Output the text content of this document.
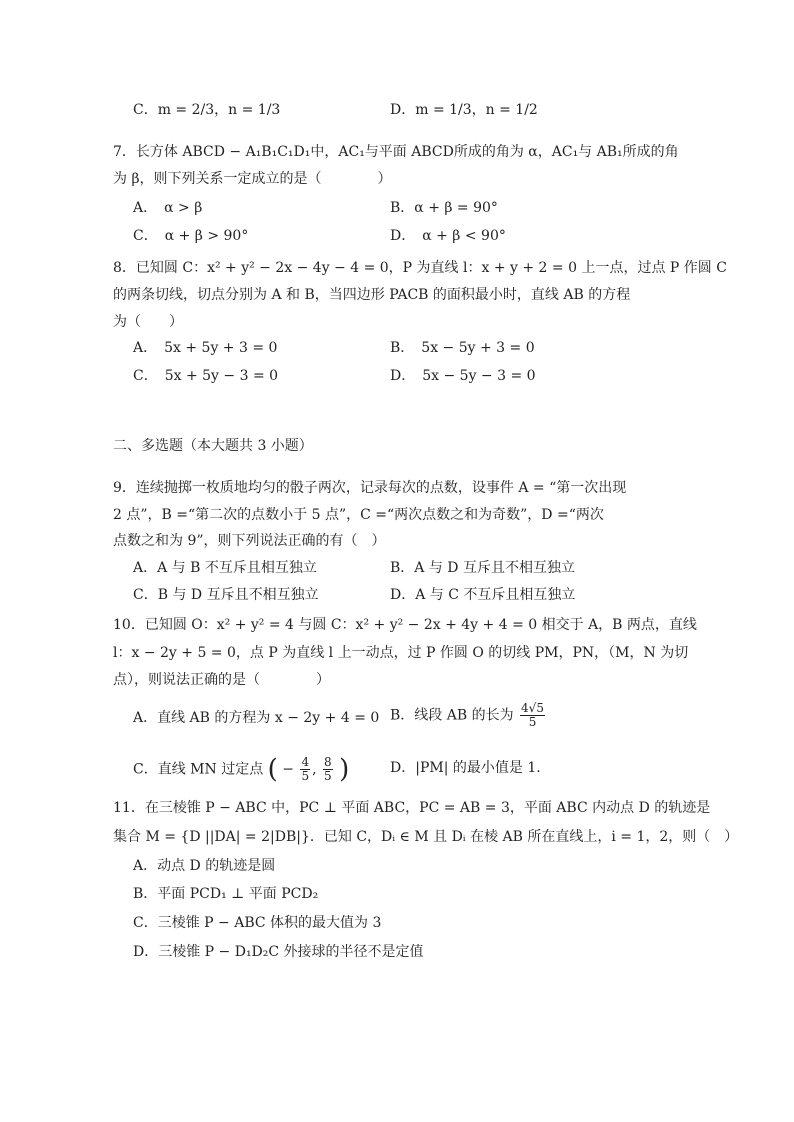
C．m = 2/3，n = 1/3	D．m = 1/3，n = 1/2
7．长方体 ABCD − A₁B₁C₁D₁中，AC₁与平面 ABCD所成的角为 α，AC₁与 AB₁所成的角
为 β，则下列关系一定成立的是（　　　　）
A．　α > β	B．α + β = 90°
C．　α + β > 90°	D．　α + β < 90°
8．已知圆 C：x² + y² − 2x − 4y − 4 = 0，P 为直线 l：x + y + 2 = 0 上一点，过点 P 作圆 C
的两条切线，切点分别为 A 和 B，当四边形 PACB 的面积最小时，直线 AB 的方程
为（　　）
A．　5x + 5y + 3 = 0	B．　5x − 5y + 3 = 0
C．　5x + 5y − 3 = 0	D．　5x − 5y − 3 = 0
二、多选题（本大题共 3 小题）
9．连续抛掷一枚质地均匀的骰子两次，记录每次的点数，设事件 A = “第一次出现
2 点”，B =“第二次的点数小于 5 点”，C =“两次点数之和为奇数”，D =“两次
点数之和为 9”，则下列说法正确的有（　）
A．A 与 B 不互斥且相互独立	B．A 与 D 互斥且不相互独立
C．B 与 D 互斥且不相互独立	D．A 与 C 不互斥且相互独立
10．已知圆 O：x² + y² = 4 与圆 C：x² + y² − 2x + 4y + 4 = 0 相交于 A，B 两点，直线
l：x − 2y + 5 = 0，点 P 为直线 l 上一动点，过 P 作圆 O 的切线 PM，PN，（M，N 为切
点），则说法正确的是（　　　　）
A．直线 AB 的方程为 x − 2y + 4 = 0 B．线段 AB 的长为 $\frac{4√5}{5}$
C．直线 MN 过定点 ( − $\frac{4}{5}$ , $\frac{8}{5}$ )	D．|PM| 的最小值是 1.
11．在三棱锥 P − ABC 中，PC ⊥ 平面 ABC，PC = AB = 3，平面 ABC 内动点 D 的轨迹是
集合 M = {D ||DA| = 2|DB|}．已知 C，Dᵢ ∈ M 且 Dᵢ 在棱 AB 所在直线上，i = 1，2，则（　）
A．动点 D 的轨迹是圆
B．平面 PCD₁ ⊥ 平面 PCD₂
C．三棱锥 P − ABC 体积的最大值为 3
D．三棱锥 P − D₁D₂C 外接球的半径不是定值
